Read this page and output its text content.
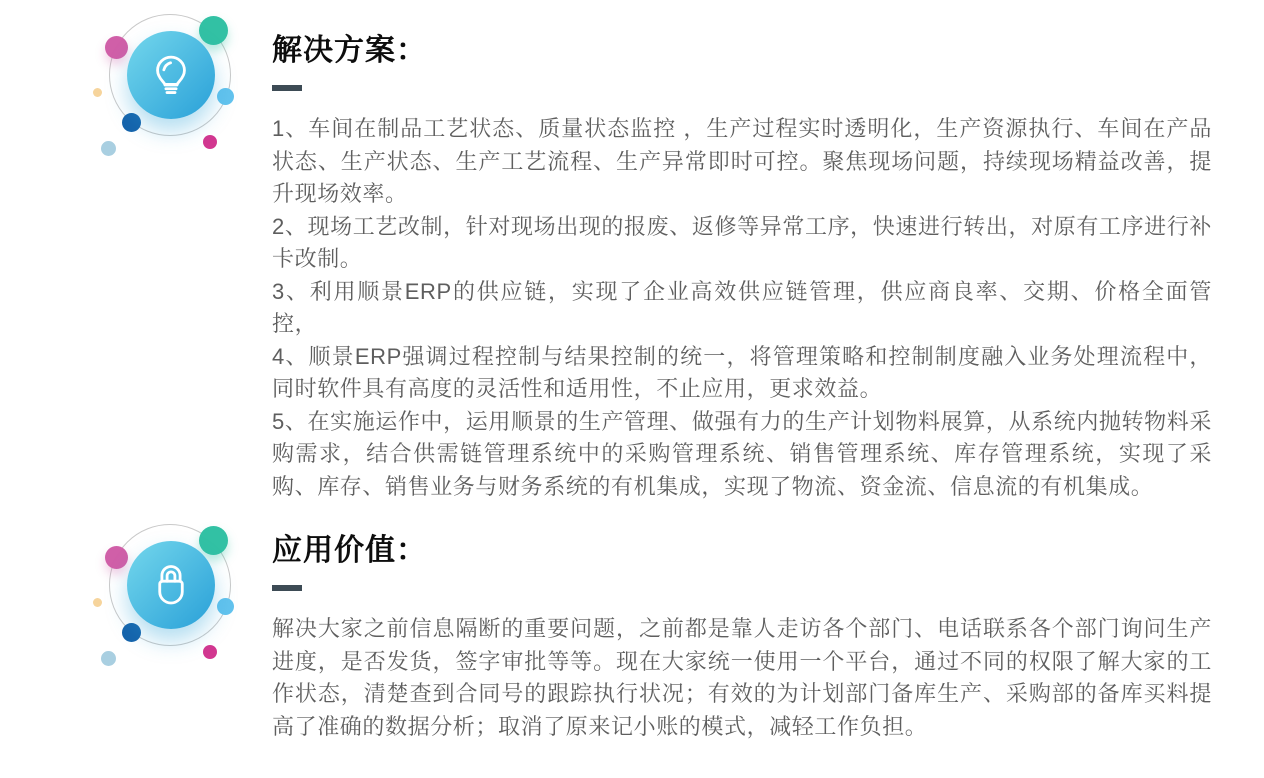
解决方案：

1、车间在制品工艺状态、质量状态监控 ，生产过程实时透明化，生产资源执行、车间在产品状态、生产状态、生产工艺流程、生产异常即时可控。聚焦现场问题，持续现场精益改善，提升现场效率。

2、现场工艺改制，针对现场出现的报废、返修等异常工序，快速进行转出，对原有工序进行补卡改制。

3、利用顺景ERP的供应链，实现了企业高效供应链管理，供应商良率、交期、价格全面管控，

4、顺景ERP强调过程控制与结果控制的统一，将管理策略和控制制度融入业务处理流程中，同时软件具有高度的灵活性和适用性，不止应用，更求效益。

5、在实施运作中，运用顺景的生产管理、做强有力的生产计划物料展算，从系统内抛转物料采购需求，结合供需链管理系统中的采购管理系统、销售管理系统、库存管理系统，实现了采购、库存、销售业务与财务系统的有机集成，实现了物流、资金流、信息流的有机集成。

应用价值：

解决大家之前信息隔断的重要问题，之前都是靠人走访各个部门、电话联系各个部门询问生产进度，是否发货，签字审批等等。现在大家统一使用一个平台，通过不同的权限了解大家的工作状态，清楚查到合同号的跟踪执行状况；有效的为计划部门备库生产、采购部的备库买料提高了准确的数据分析；取消了原来记小账的模式，减轻工作负担。
